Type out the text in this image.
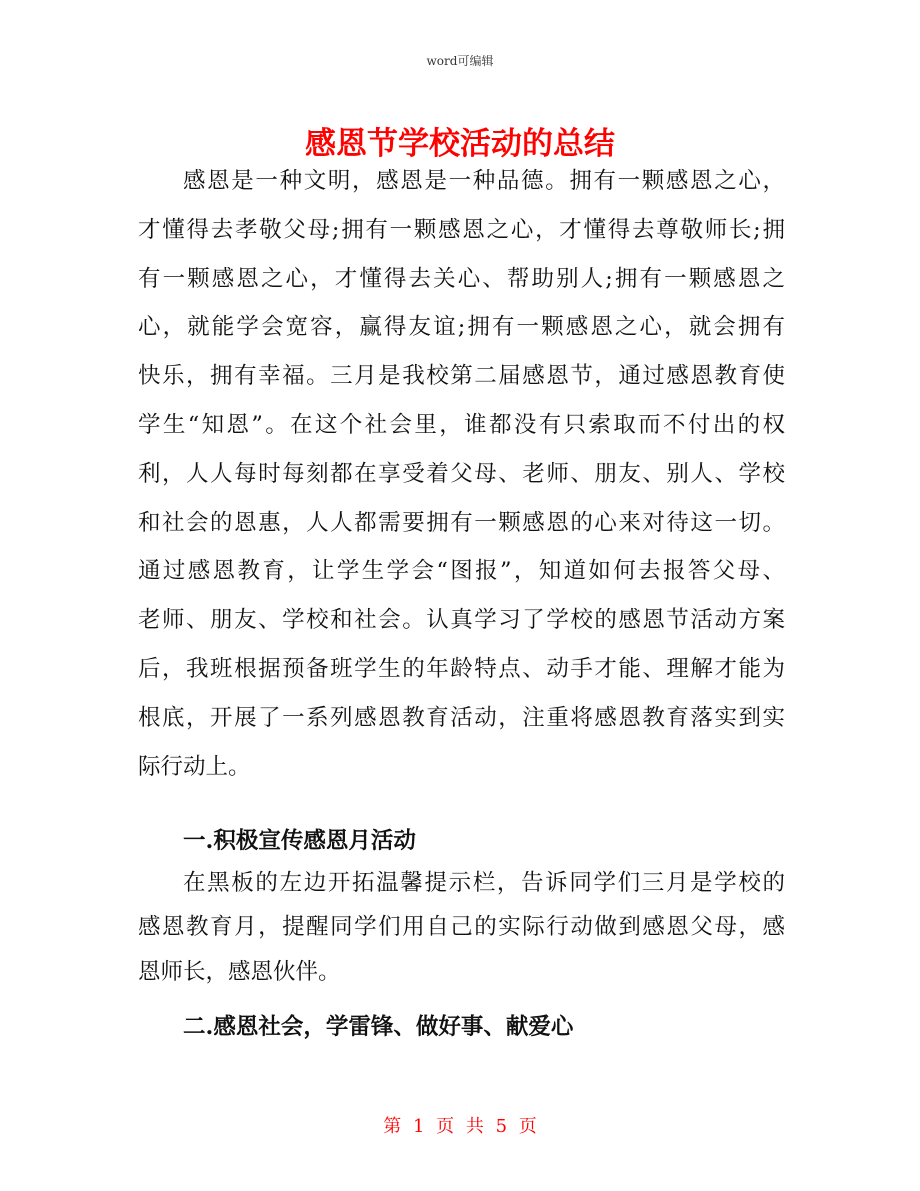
word可编辑
感恩节学校活动的总结
感恩是一种文明，感恩是一种品德。拥有一颗感恩之心，
才懂得去孝敬父母;拥有一颗感恩之心，才懂得去尊敬师长;拥
有一颗感恩之心，才懂得去关心、帮助别人;拥有一颗感恩之
心，就能学会宽容，赢得友谊;拥有一颗感恩之心，就会拥有
快乐，拥有幸福。三月是我校第二届感恩节，通过感恩教育使
学生“知恩”。在这个社会里，谁都没有只索取而不付出的权
利，人人每时每刻都在享受着父母、老师、朋友、别人、学校
和社会的恩惠，人人都需要拥有一颗感恩的心来对待这一切。
通过感恩教育，让学生学会“图报”，知道如何去报答父母、
老师、朋友、学校和社会。认真学习了学校的感恩节活动方案
后，我班根据预备班学生的年龄特点、动手才能、理解才能为
根底，开展了一系列感恩教育活动，注重将感恩教育落实到实
际行动上。
一.积极宣传感恩月活动
在黑板的左边开拓温馨提示栏，告诉同学们三月是学校的
感恩教育月，提醒同学们用自己的实际行动做到感恩父母，感
恩师长，感恩伙伴。
二.感恩社会，学雷锋、做好事、献爱心
第 1 页 共 5 页
